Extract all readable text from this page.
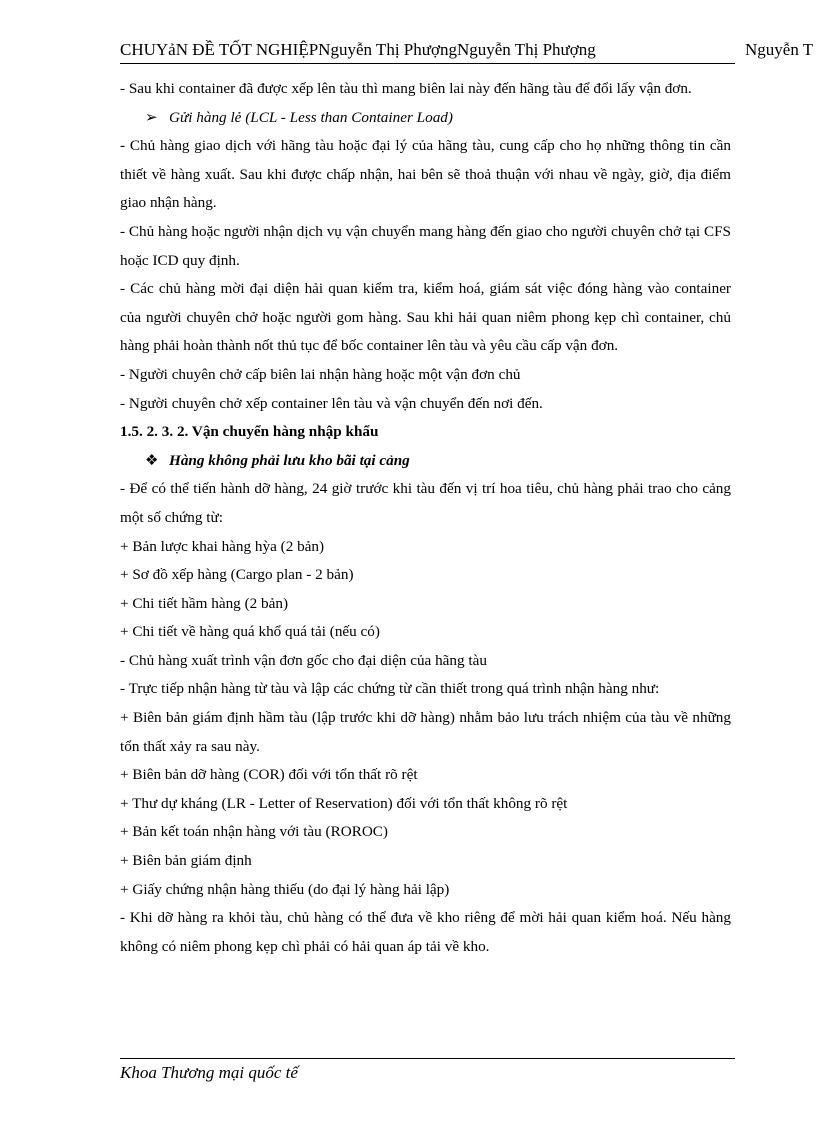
CHUYảN ĐỀ TỐT NGHIỆPNguyễn Thị PhượngNguyễn Thị Phượng	Nguyễn T

- Sau khi container đã được xếp lên tàu thì mang biên lai này đến hãng tàu để đổi lấy vận đơn.

➢ Gửi hàng lẻ (LCL - Less than Container Load)

- Chủ hàng giao dịch với hãng tàu hoặc đại lý của hãng tàu, cung cấp cho họ những thông tin cần thiết về hàng xuất. Sau khi được chấp nhận, hai bên sẽ thoả thuận với nhau về ngày, giờ, địa điểm giao nhận hàng.

- Chủ hàng hoặc người nhận dịch vụ vận chuyển mang hàng đến giao cho người chuyên chở tại CFS hoặc ICD quy định.

- Các chủ hàng mời đại diện hải quan kiểm tra, kiểm hoá, giám sát việc đóng hàng vào container của người chuyên chở hoặc người gom hàng. Sau khi hải quan niêm phong kẹp chì container, chủ hàng phải hoàn thành nốt thủ tục để bốc container lên tàu và yêu cầu cấp vận đơn.

- Người chuyên chở cấp biên lai nhận hàng hoặc một vận đơn chủ

- Người chuyên chở xếp container lên tàu và vận chuyển đến nơi đến.

1.5. 2. 3. 2. Vận chuyển hàng nhập khẩu

❖ Hàng không phải lưu kho bãi tại cảng

- Để có thể tiến hành dỡ hàng, 24 giờ trước khi tàu đến vị trí hoa tiêu, chủ hàng phải trao cho cảng một số chứng từ:

+ Bản lược khai hàng hỳa (2 bản)

+ Sơ đồ xếp hàng (Cargo plan - 2 bản)

+ Chi tiết hầm hàng (2 bản)

+ Chi tiết về hàng quá khổ quá tải (nếu có)

- Chủ hàng xuất trình vận đơn gốc cho đại diện của hãng tàu

- Trực tiếp nhận hàng từ tàu và lập các chứng từ cần thiết trong quá trình nhận hàng như:

+ Biên bản giám định hầm tàu (lập trước khi dỡ hàng) nhằm bảo lưu trách nhiệm của tàu về những tổn thất xảy ra sau này.

+ Biên bản dỡ hàng (COR) đối với tổn thất rõ rệt

+ Thư dự kháng (LR - Letter of Reservation) đối với tổn thất không rõ rệt

+ Bản kết toán nhận hàng với tàu (ROROC)

+ Biên bản giám định

+ Giấy chứng nhận hàng thiếu (do đại lý hàng hải lập)

- Khi dỡ hàng ra khỏi tàu, chủ hàng có thể đưa về kho riêng để mời hải quan kiểm hoá. Nếu hàng không có niêm phong kẹp chì phải có hải quan áp tải về kho.

Khoa Thương mại quốc tế
